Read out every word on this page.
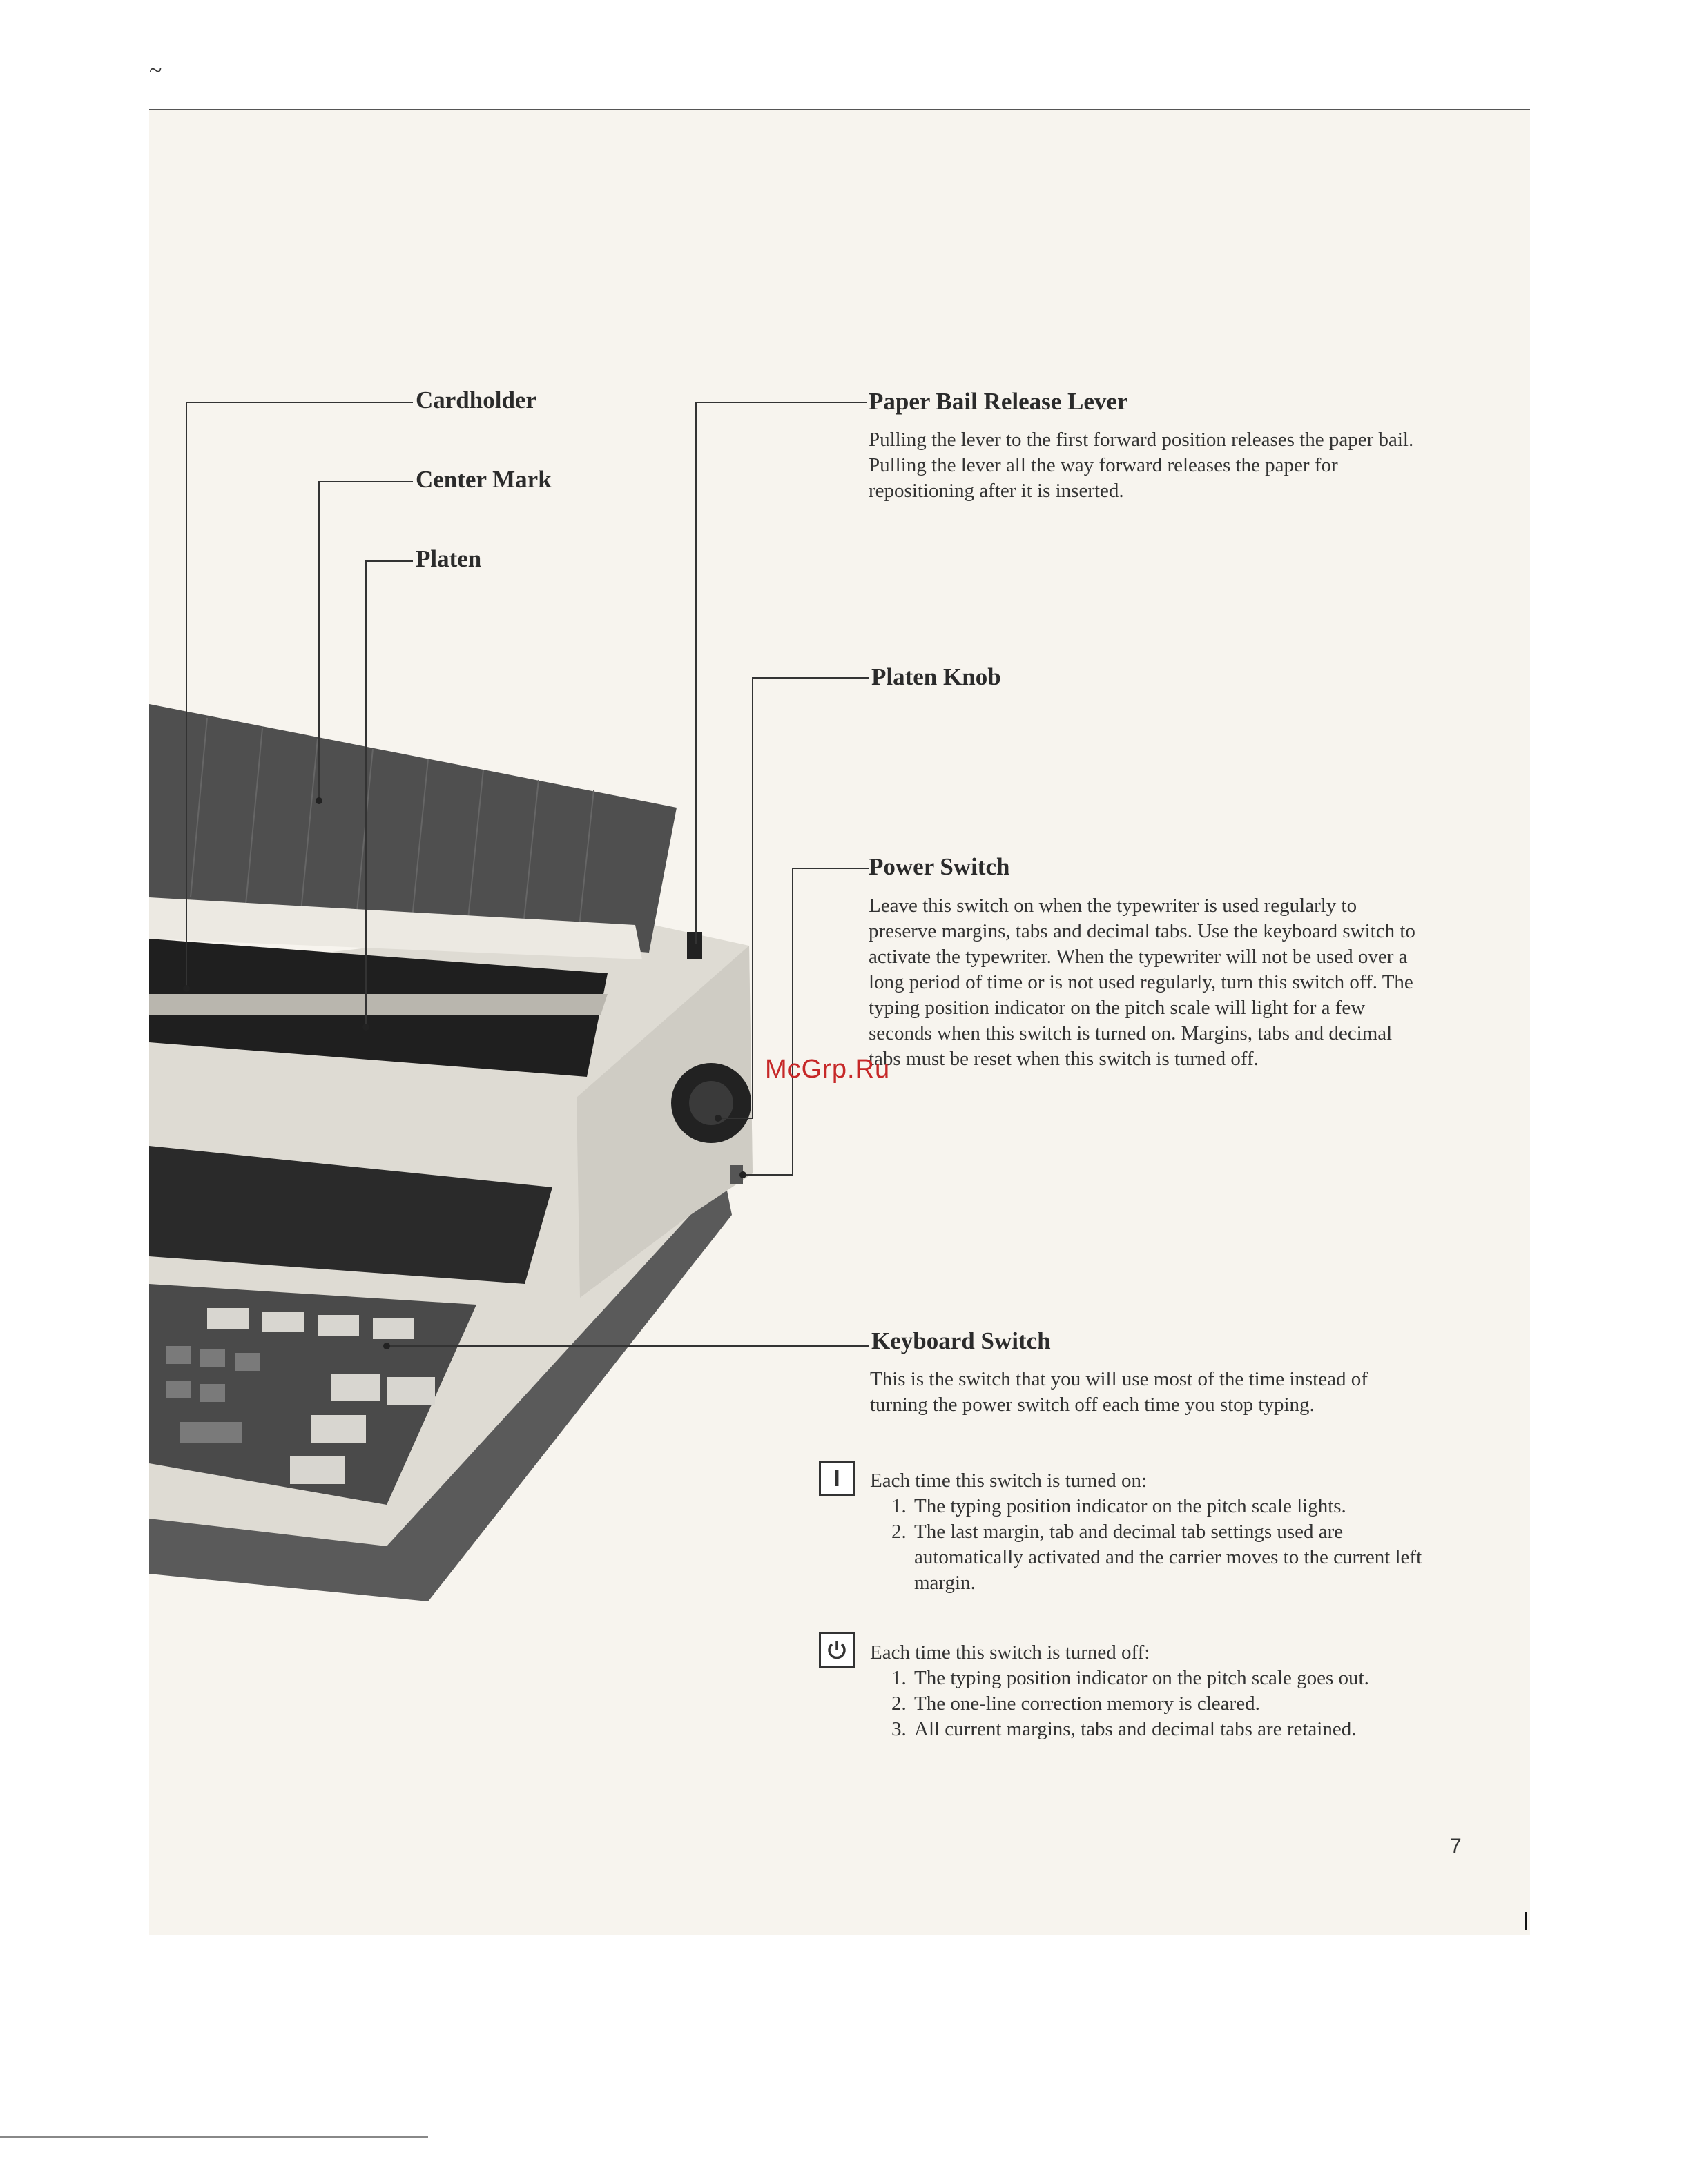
~
Cardholder
Center Mark
Platen
Paper Bail Release Lever

Pulling the lever to the first forward position releases the paper bail. Pulling the lever all the way forward releases the paper for repositioning after it is inserted.

Platen Knob
Power Switch

Leave this switch on when the typewriter is used regularly to preserve margins, tabs and decimal tabs. Use the keyboard switch to activate the typewriter. When the typewriter will not be used over a long period of time or is not used regularly, turn this switch off. The typing position indicator on the pitch scale will light for a few seconds when this switch is turned on. Margins, tabs and decimal tabs must be reset when this switch is turned off.

Keyboard Switch

This is the switch that you will use most of the time instead of turning the power switch off each time you stop typing.

I Each time this switch is turned on:
1. The typing position indicator on the pitch scale lights.
2. The last margin, tab and decimal tab settings used are automatically activated and the carrier moves to the current left margin.
Each time this switch is turned off:
1. The typing position indicator on the pitch scale goes out.
2. The one-line correction memory is cleared.
3. All current margins, tabs and decimal tabs are retained.
McGrp.Ru
7
